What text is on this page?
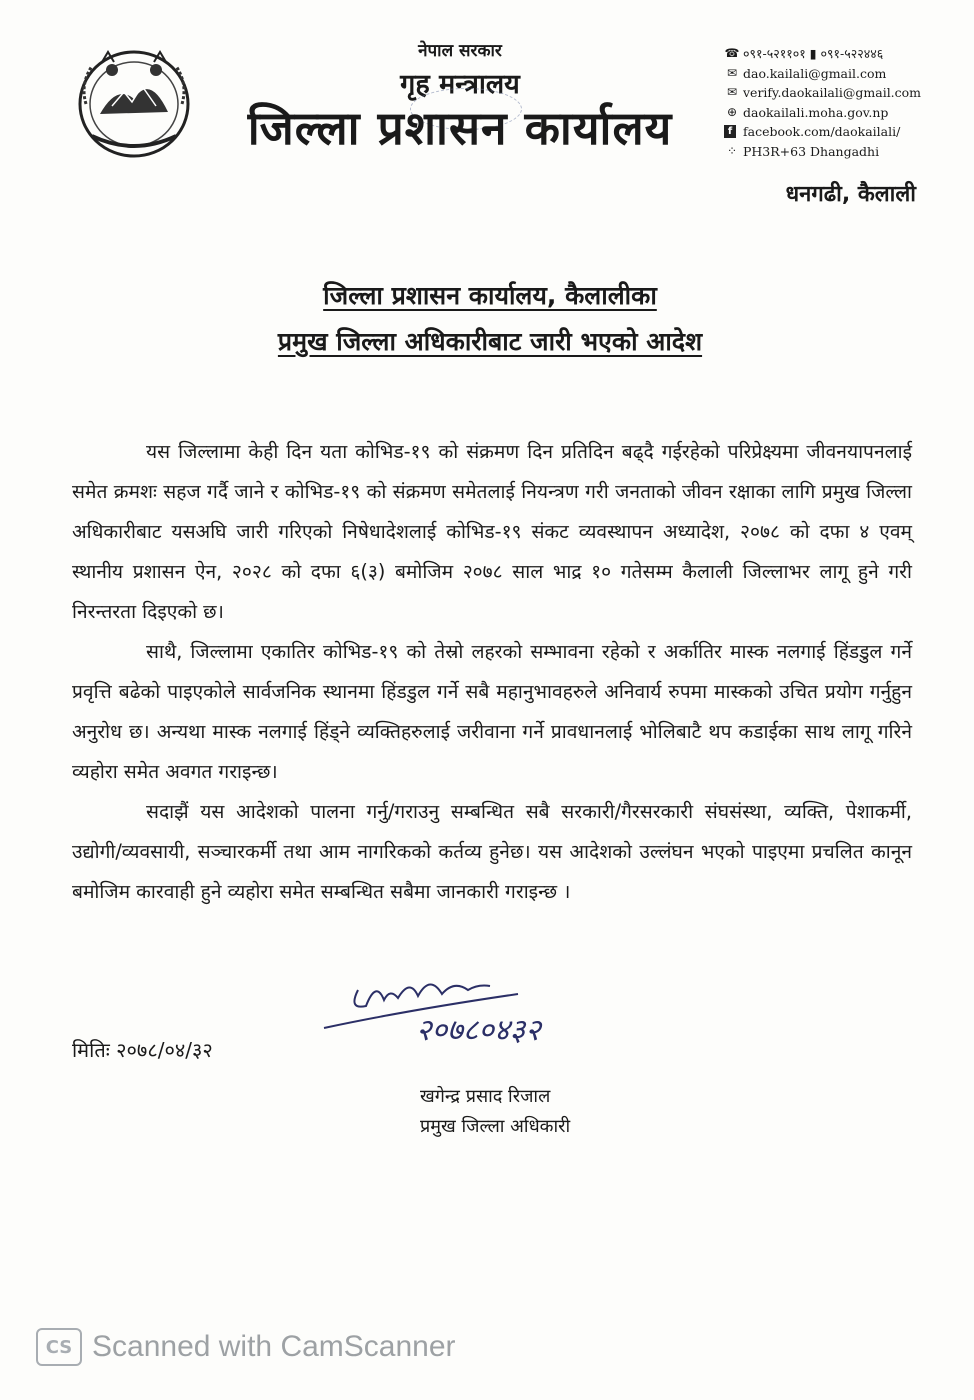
नेपाल सरकार
गृह मन्त्रालय
जिल्ला प्रशासन कार्यालय
☎ ०९१-५२११०१ ▮ ०९१-५२२४४६
✉ dao.kailali@gmail.com
✉ verify.daokailali@gmail.com
⊕ daokailali.moha.gov.np
f facebook.com/daokailali/
⁘ PH3R+63 Dhangadhi
धनगढी, कैलाली
जिल्ला प्रशासन कार्यालय, कैलालीका
प्रमुख जिल्ला अधिकारीबाट जारी भएको आदेश

यस जिल्लामा केही दिन यता कोभिड-१९ को संक्रमण दिन प्रतिदिन बढ्दै गईरहेको परिप्रेक्ष्यमा जीवनयापनलाई समेत क्रमशः सहज गर्दै जाने र कोभिड-१९ को संक्रमण समेतलाई नियन्त्रण गरी जनताको जीवन रक्षाका लागि प्रमुख जिल्ला अधिकारीबाट यसअघि जारी गरिएको निषेधादेशलाई कोभिड-१९ संकट व्यवस्थापन अध्यादेश, २०७८ को दफा ४ एवम् स्थानीय प्रशासन ऐन, २०२८ को दफा ६(३) बमोजिम २०७८ साल भाद्र १० गतेसम्म कैलाली जिल्लाभर लागू हुने गरी निरन्तरता दिइएको छ।

साथै, जिल्लामा एकातिर कोभिड-१९ को तेस्रो लहरको सम्भावना रहेको र अर्कातिर मास्क नलगाई हिंडडुल गर्ने प्रवृत्ति बढेको पाइएकोले सार्वजनिक स्थानमा हिंडडुल गर्ने सबै महानुभावहरुले अनिवार्य रुपमा मास्कको उचित प्रयोग गर्नुहुन अनुरोध छ। अन्यथा मास्क नलगाई हिंड्ने व्यक्तिहरुलाई जरीवाना गर्ने प्रावधानलाई भोलिबाटै थप कडाईका साथ लागू गरिने व्यहोरा समेत अवगत गराइन्छ।

सदाझैं यस आदेशको पालना गर्नु/गराउनु सम्बन्धित सबै सरकारी/गैरसरकारी संघसंस्था, व्यक्ति, पेशाकर्मी, उद्योगी/व्यवसायी, सञ्चारकर्मी तथा आम नागरिकको कर्तव्य हुनेछ। यस आदेशको उल्लंघन भएको पाइएमा प्रचलित कानून बमोजिम कारवाही हुने व्यहोरा समेत सम्बन्धित सबैमा जानकारी गराइन्छ ।

मितिः २०७८/०४/३२
२०७८०४३२
खगेन्द्र प्रसाद रिजाल
प्रमुख जिल्ला अधिकारी
CS Scanned with CamScanner
